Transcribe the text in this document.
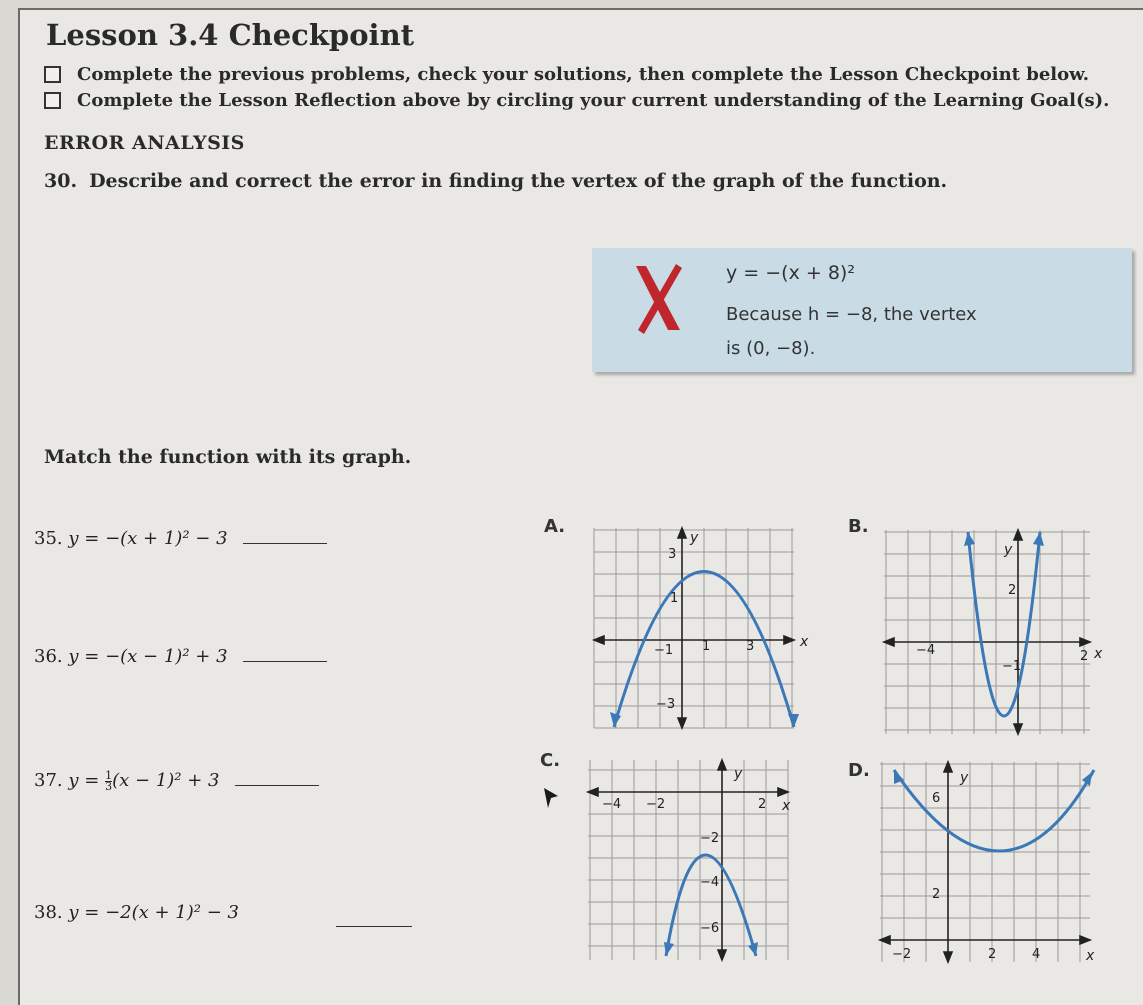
Lesson 3.4 Checkpoint
Complete the previous problems, check your solutions, then complete the Lesson Checkpoint below.
Complete the Lesson Reflection above by circling your current understanding of the Learning Goal(s).
ERROR ANALYSIS
30. Describe and correct the error in finding the vertex of the graph of the function.
y = −(x + 8)²
Because h = −8, the vertex
is (0, −8).
Match the function with its graph.
35. y = −(x + 1)² − 3
36. y = −(x − 1)² + 3
37. $y = \frac{1}{3} (x - 1)^2 + 3$
38. y = −2(x + 1)² − 3
A.
y
x
3
1
−1 1	3
−3
B.
y
x
2
−4
−1
2
C.
y
x
−4 −2	2
−2
−4
−6
D.	y
x
6
2
−2	2	4
